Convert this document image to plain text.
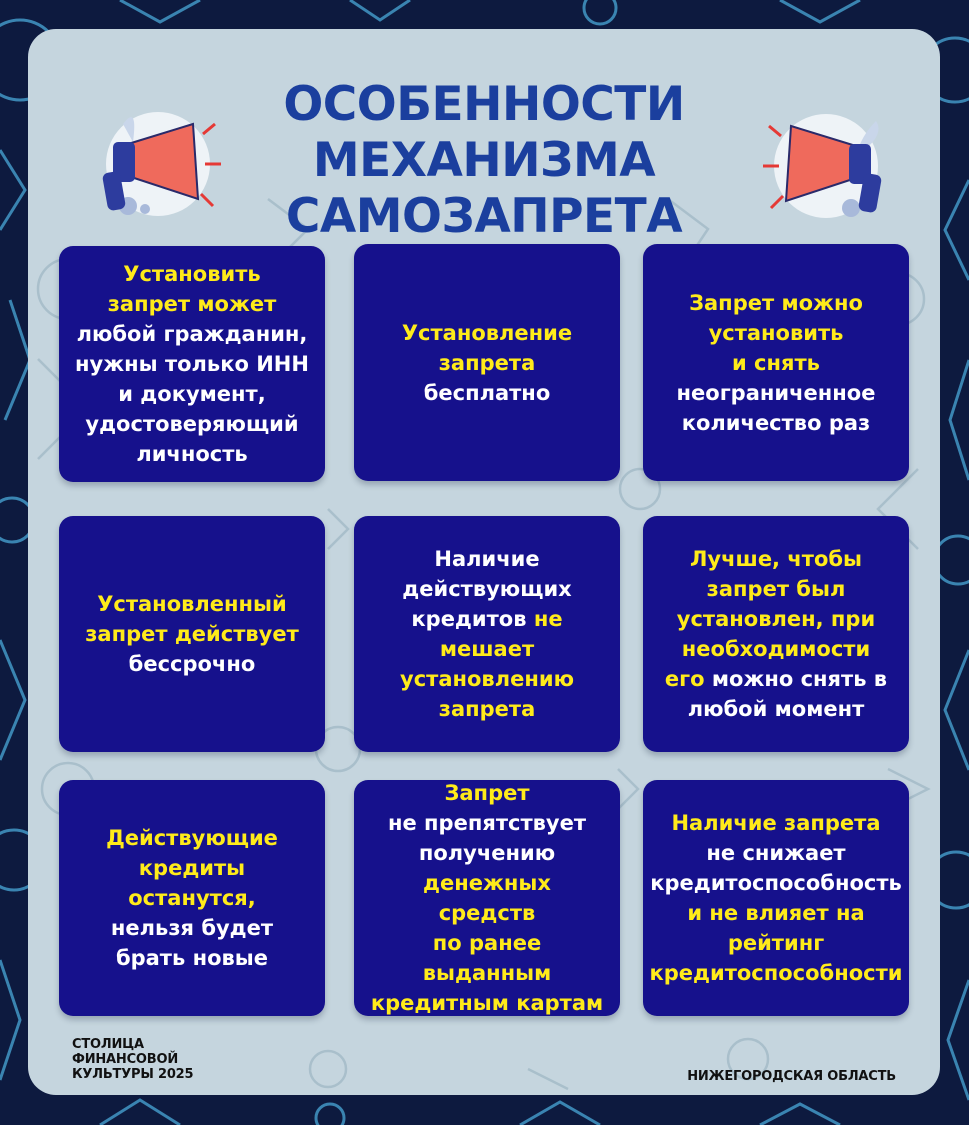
ОСОБЕННОСТИ МЕХАНИЗМА
САМОЗАПРЕТА
Установить
запрет может
любой гражданин,
нужны только ИНН
и документ,
удостоверяющий
личность
Установление
запрета
бесплатно
Запрет можно
установить
и снять
неограниченное
количество раз
Установленный
запрет действует
бессрочно
Наличие
действующих
кредитов не
мешает
установлению
запрета
Лучше, чтобы
запрет был
установлен, при
необходимости
его можно снять в
любой момент
Действующие
кредиты
останутся,
нельзя будет
брать новые
Запрет
не препятствует
получению
денежных
средств
по ранее
выданным
кредитным картам
Наличие запрета
не снижает
кредитоспособность
и не влияет на
рейтинг
кредитоспособности
СТОЛИЦА
ФИНАНСОВОЙ
КУЛЬТУРЫ 2025	НИЖЕГОРОДСКАЯ ОБЛАСТЬ
